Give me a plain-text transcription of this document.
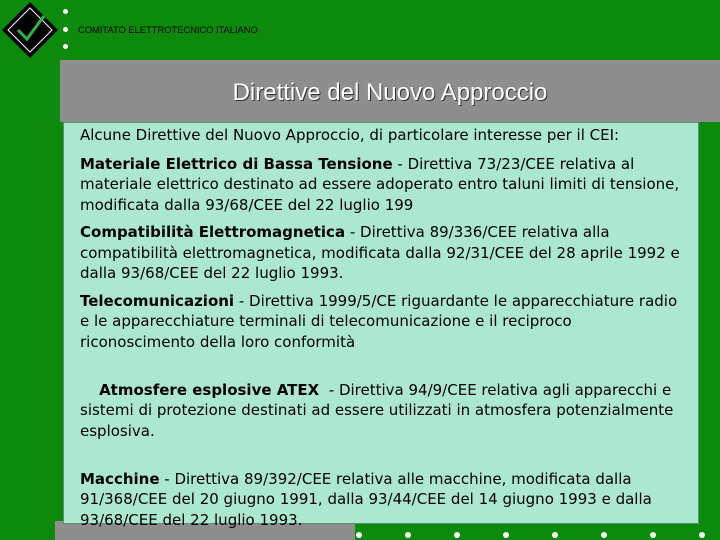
COMITATO ELETTROTECNICO ITALIANO
Direttive del Nuovo Approccio

Alcune Direttive del Nuovo Approccio, di particolare interesse per il CEI:

Materiale Elettrico di Bassa Tensione - Direttiva 73/23/CEE relativa al materiale elettrico destinato ad essere adoperato entro taluni limiti di tensione, modificata dalla 93/68/CEE del 22 luglio 199

Compatibilità Elettromagnetica - Direttiva 89/336/CEE relativa alla compatibilità elettromagnetica, modificata dalla 92/31/CEE del 28 aprile 1992 e dalla 93/68/CEE del 22 luglio 1993.

Telecomunicazioni - Direttiva 1999/5/CE riguardante le apparecchiature radio e le apparecchiature terminali di telecomunicazione e il reciproco riconoscimento della loro conformità

Atmosfere esplosive ATEX  - Direttiva 94/9/CEE relativa agli apparecchi e sistemi di protezione destinati ad essere utilizzati in atmosfera potenzialmente esplosiva.

Macchine - Direttiva 89/392/CEE relativa alle macchine, modificata dalla 91/368/CEE del 20 giugno 1991, dalla 93/44/CEE del 14 giugno 1993 e dalla 93/68/CEE del 22 luglio 1993.
